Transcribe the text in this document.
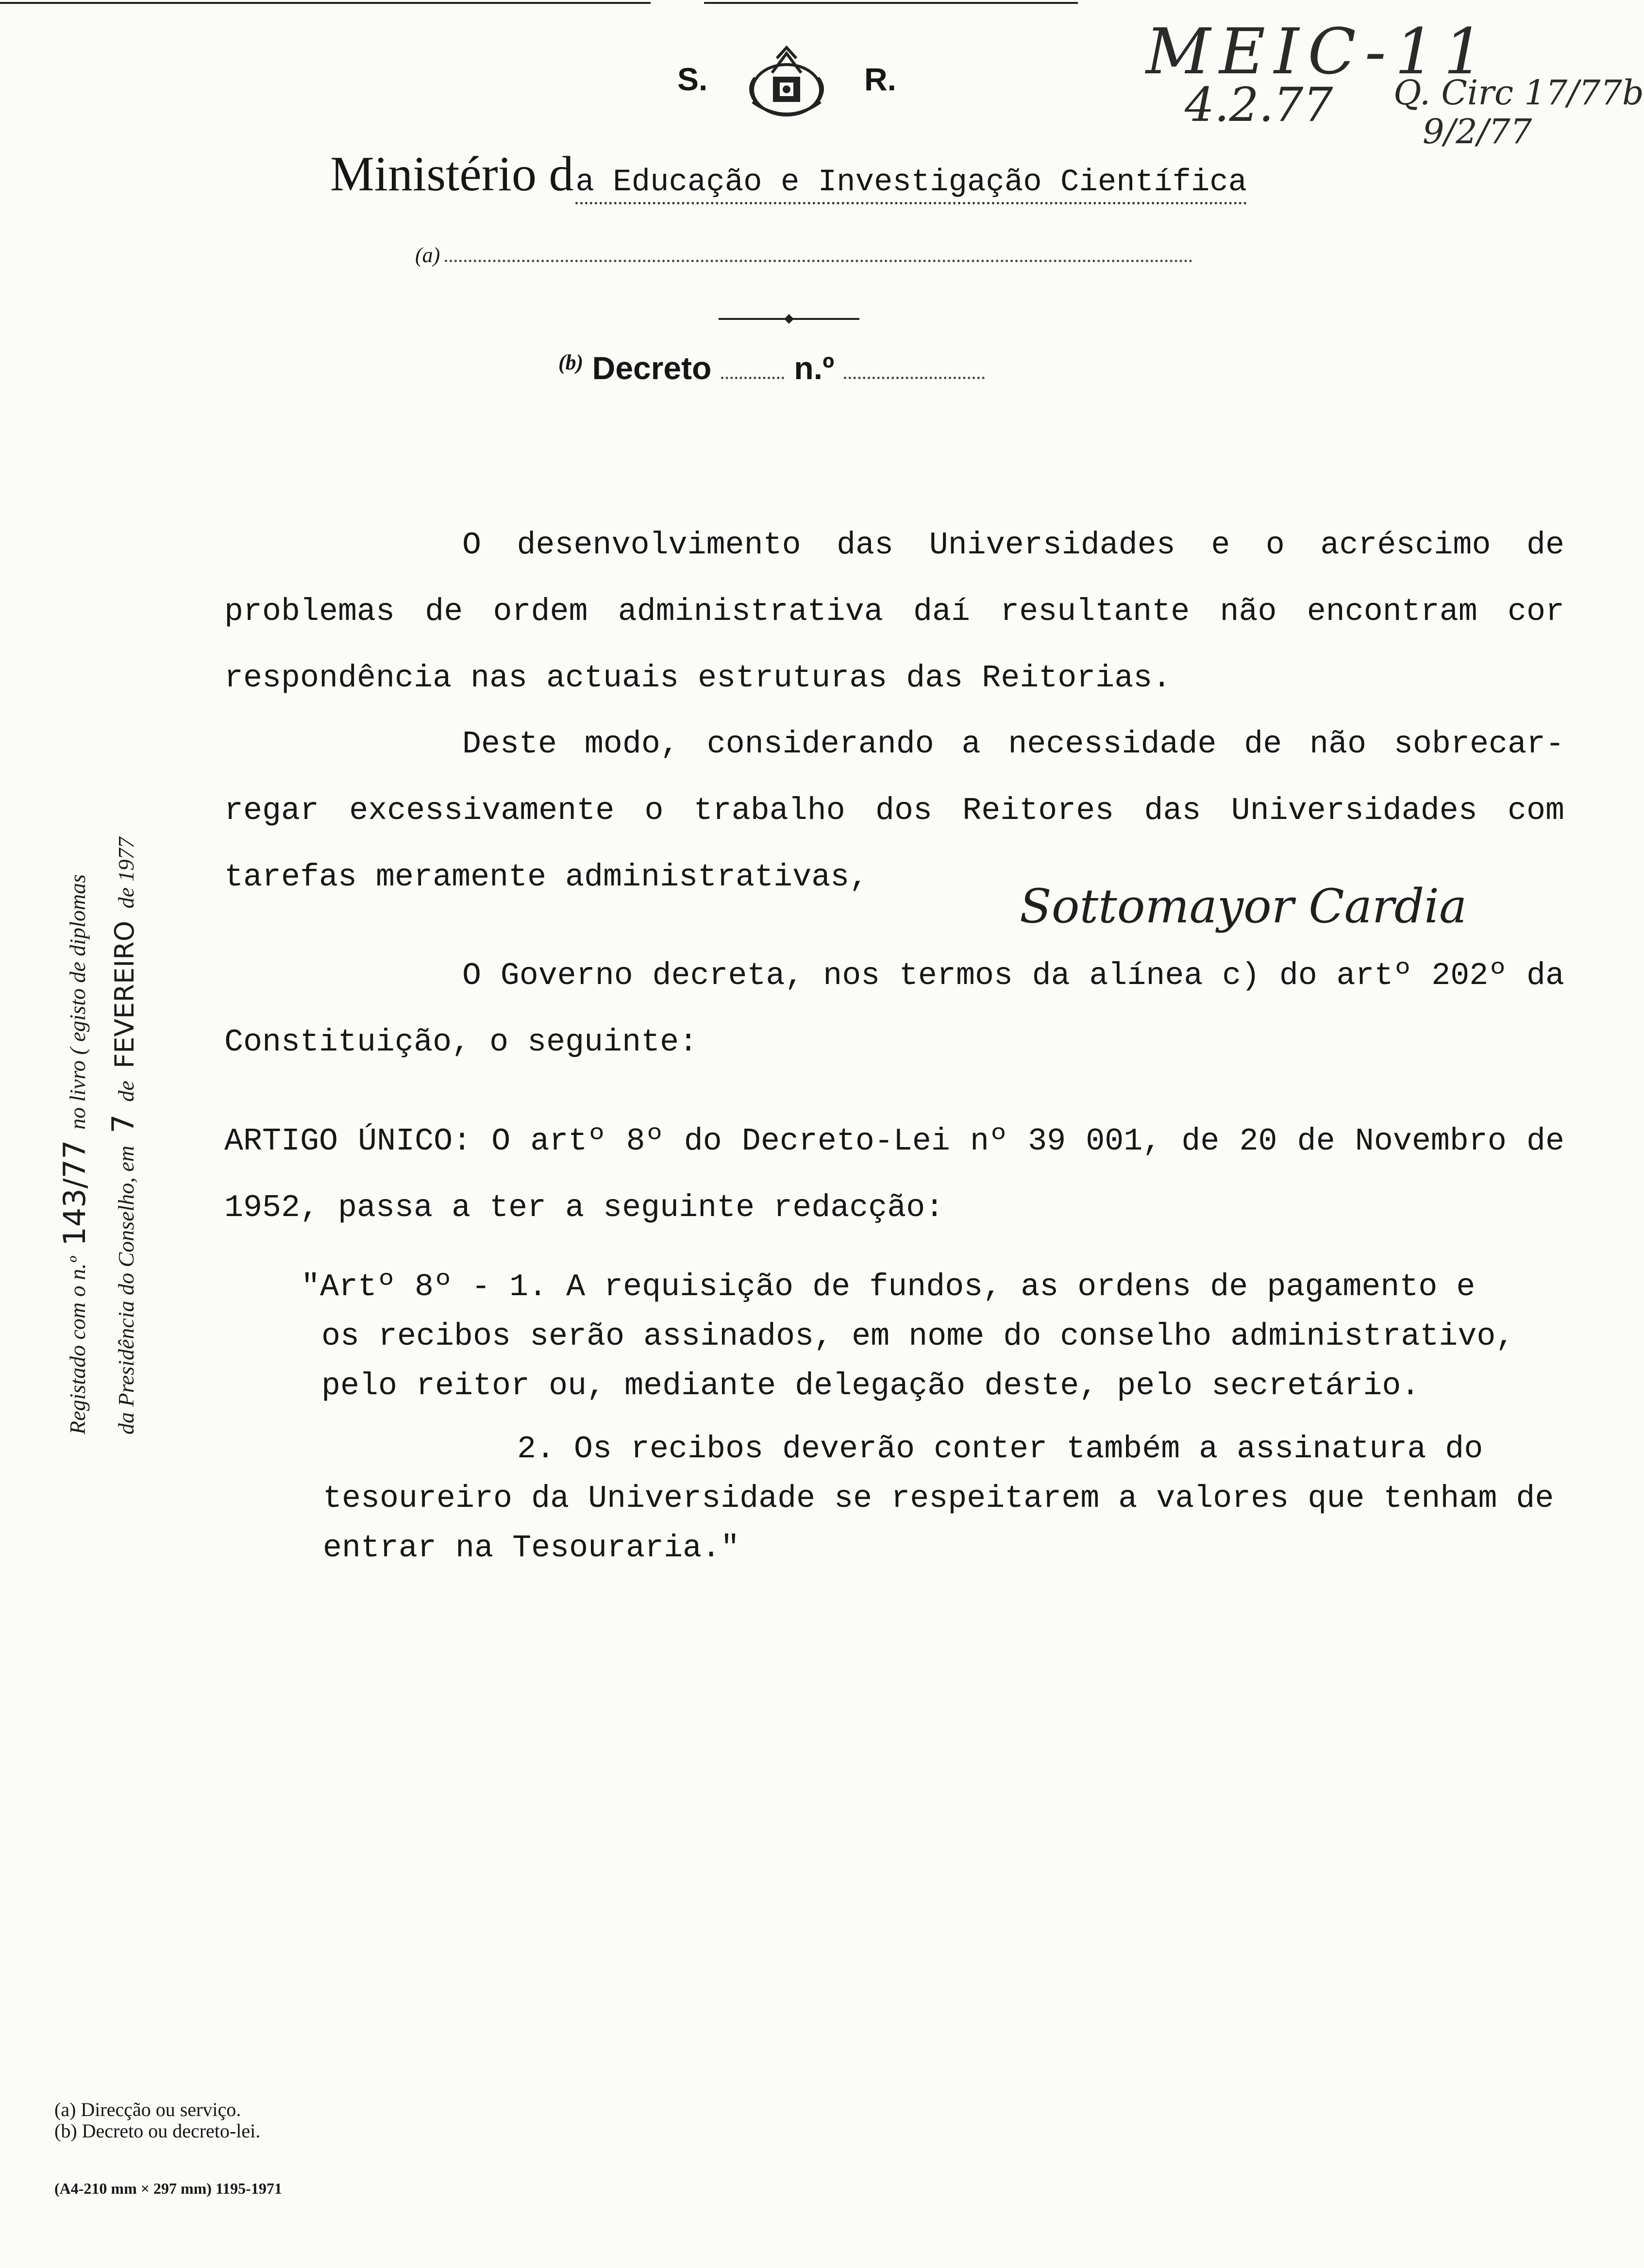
S.	R.
Ministério da Educação e Investigação Científica
(a)
$^{(b)}$ Decreto	n.º
MEIC-11
4.2.77 Q. Circ 17/77b
9/2/77
Registado com o n.º 143/77 no livro ( egisto de diplomas
da Presidência do Conselho, em 7 de FEVEREIRO de 1977

O desenvolvimento das Universidades e o acréscimo de problemas de ordem administrativa daí resultante não encontram cor respondência nas actuais estruturas das Reitorias.

Deste modo, considerando a necessidade de não sobrecar- regar excessivamente o trabalho dos Reitores das Universidades com tarefas meramente administrativas,

O Governo decreta, nos termos da alínea c) do artº 202º da Constituição, o seguinte:

ARTIGO ÚNICO: O artº 8º do Decreto-Lei nº 39 001, de 20 de Novembro de 1952, passa a ter a seguinte redacção:

"Artº 8º - 1. A requisição de fundos, as ordens de pagamento e
os recibos serão assinados, em nome do conselho administrativo, pelo reitor ou, mediante delegação deste, pelo secretário.

2. Os recibos deverão conter também a assinatura do tesoureiro da Universidade se respeitarem a valores que tenham de entrar na Tesouraria."

Sottomayor Cardia
(a) Direcção ou serviço.
(b) Decreto ou decreto-lei.
(A4-210 mm × 297 mm) 1195-1971
